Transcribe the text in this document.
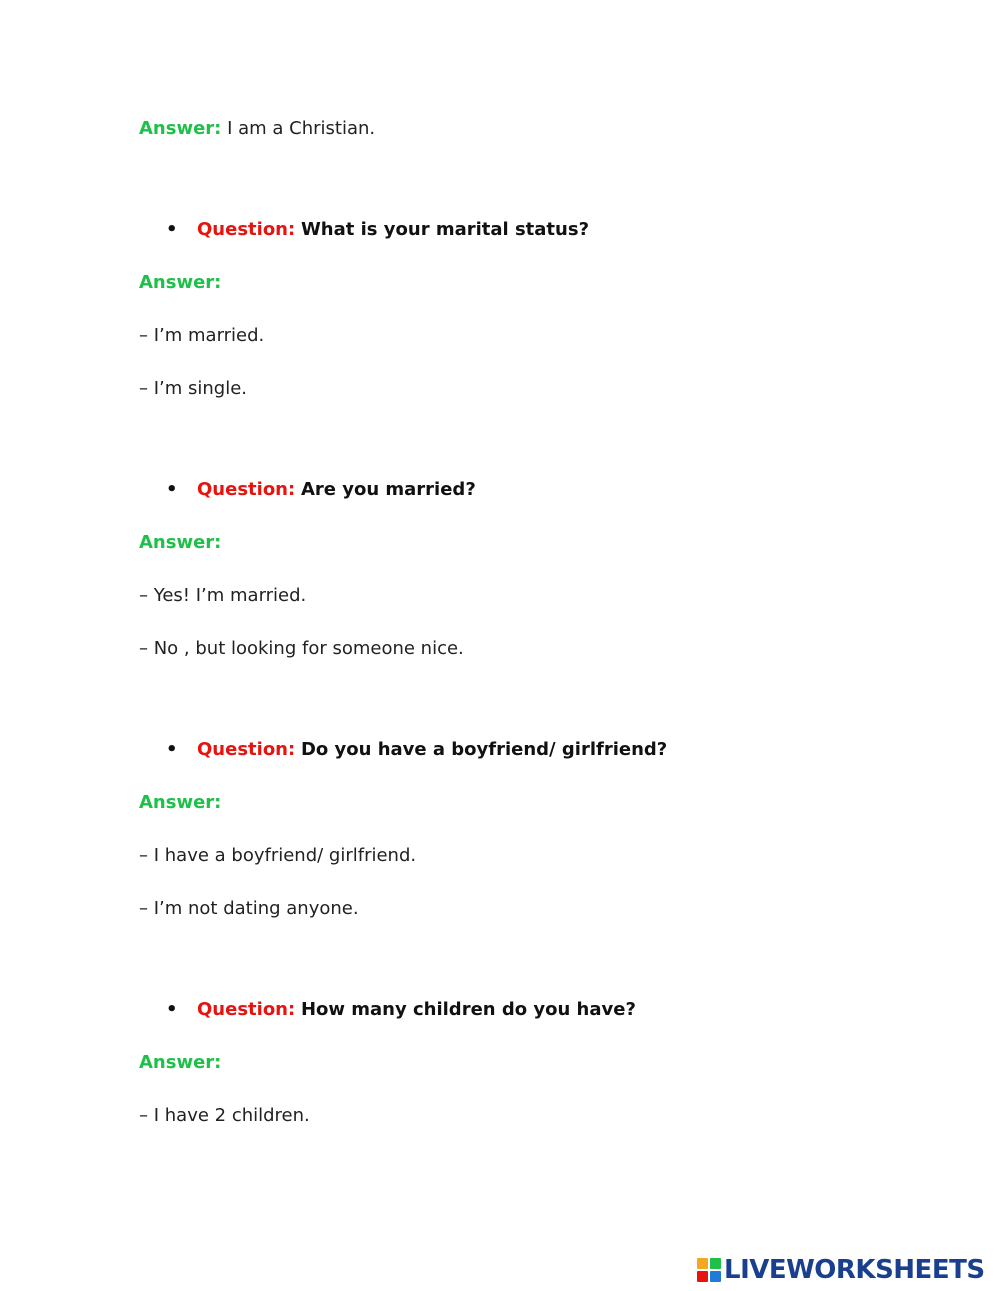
Answer: I am a Christian.
• Question: What is your marital status?
Answer:
– I’m married.
– I’m single.
• Question: Are you married?
Answer:
– Yes! I’m married.
– No , but looking for someone nice.
• Question: Do you have a boyfriend/ girlfriend?
Answer:
– I have a boyfriend/ girlfriend.
– I’m not dating anyone.
• Question: How many children do you have?
Answer:
– I have 2 children.
LIVEWORKSHEETS
